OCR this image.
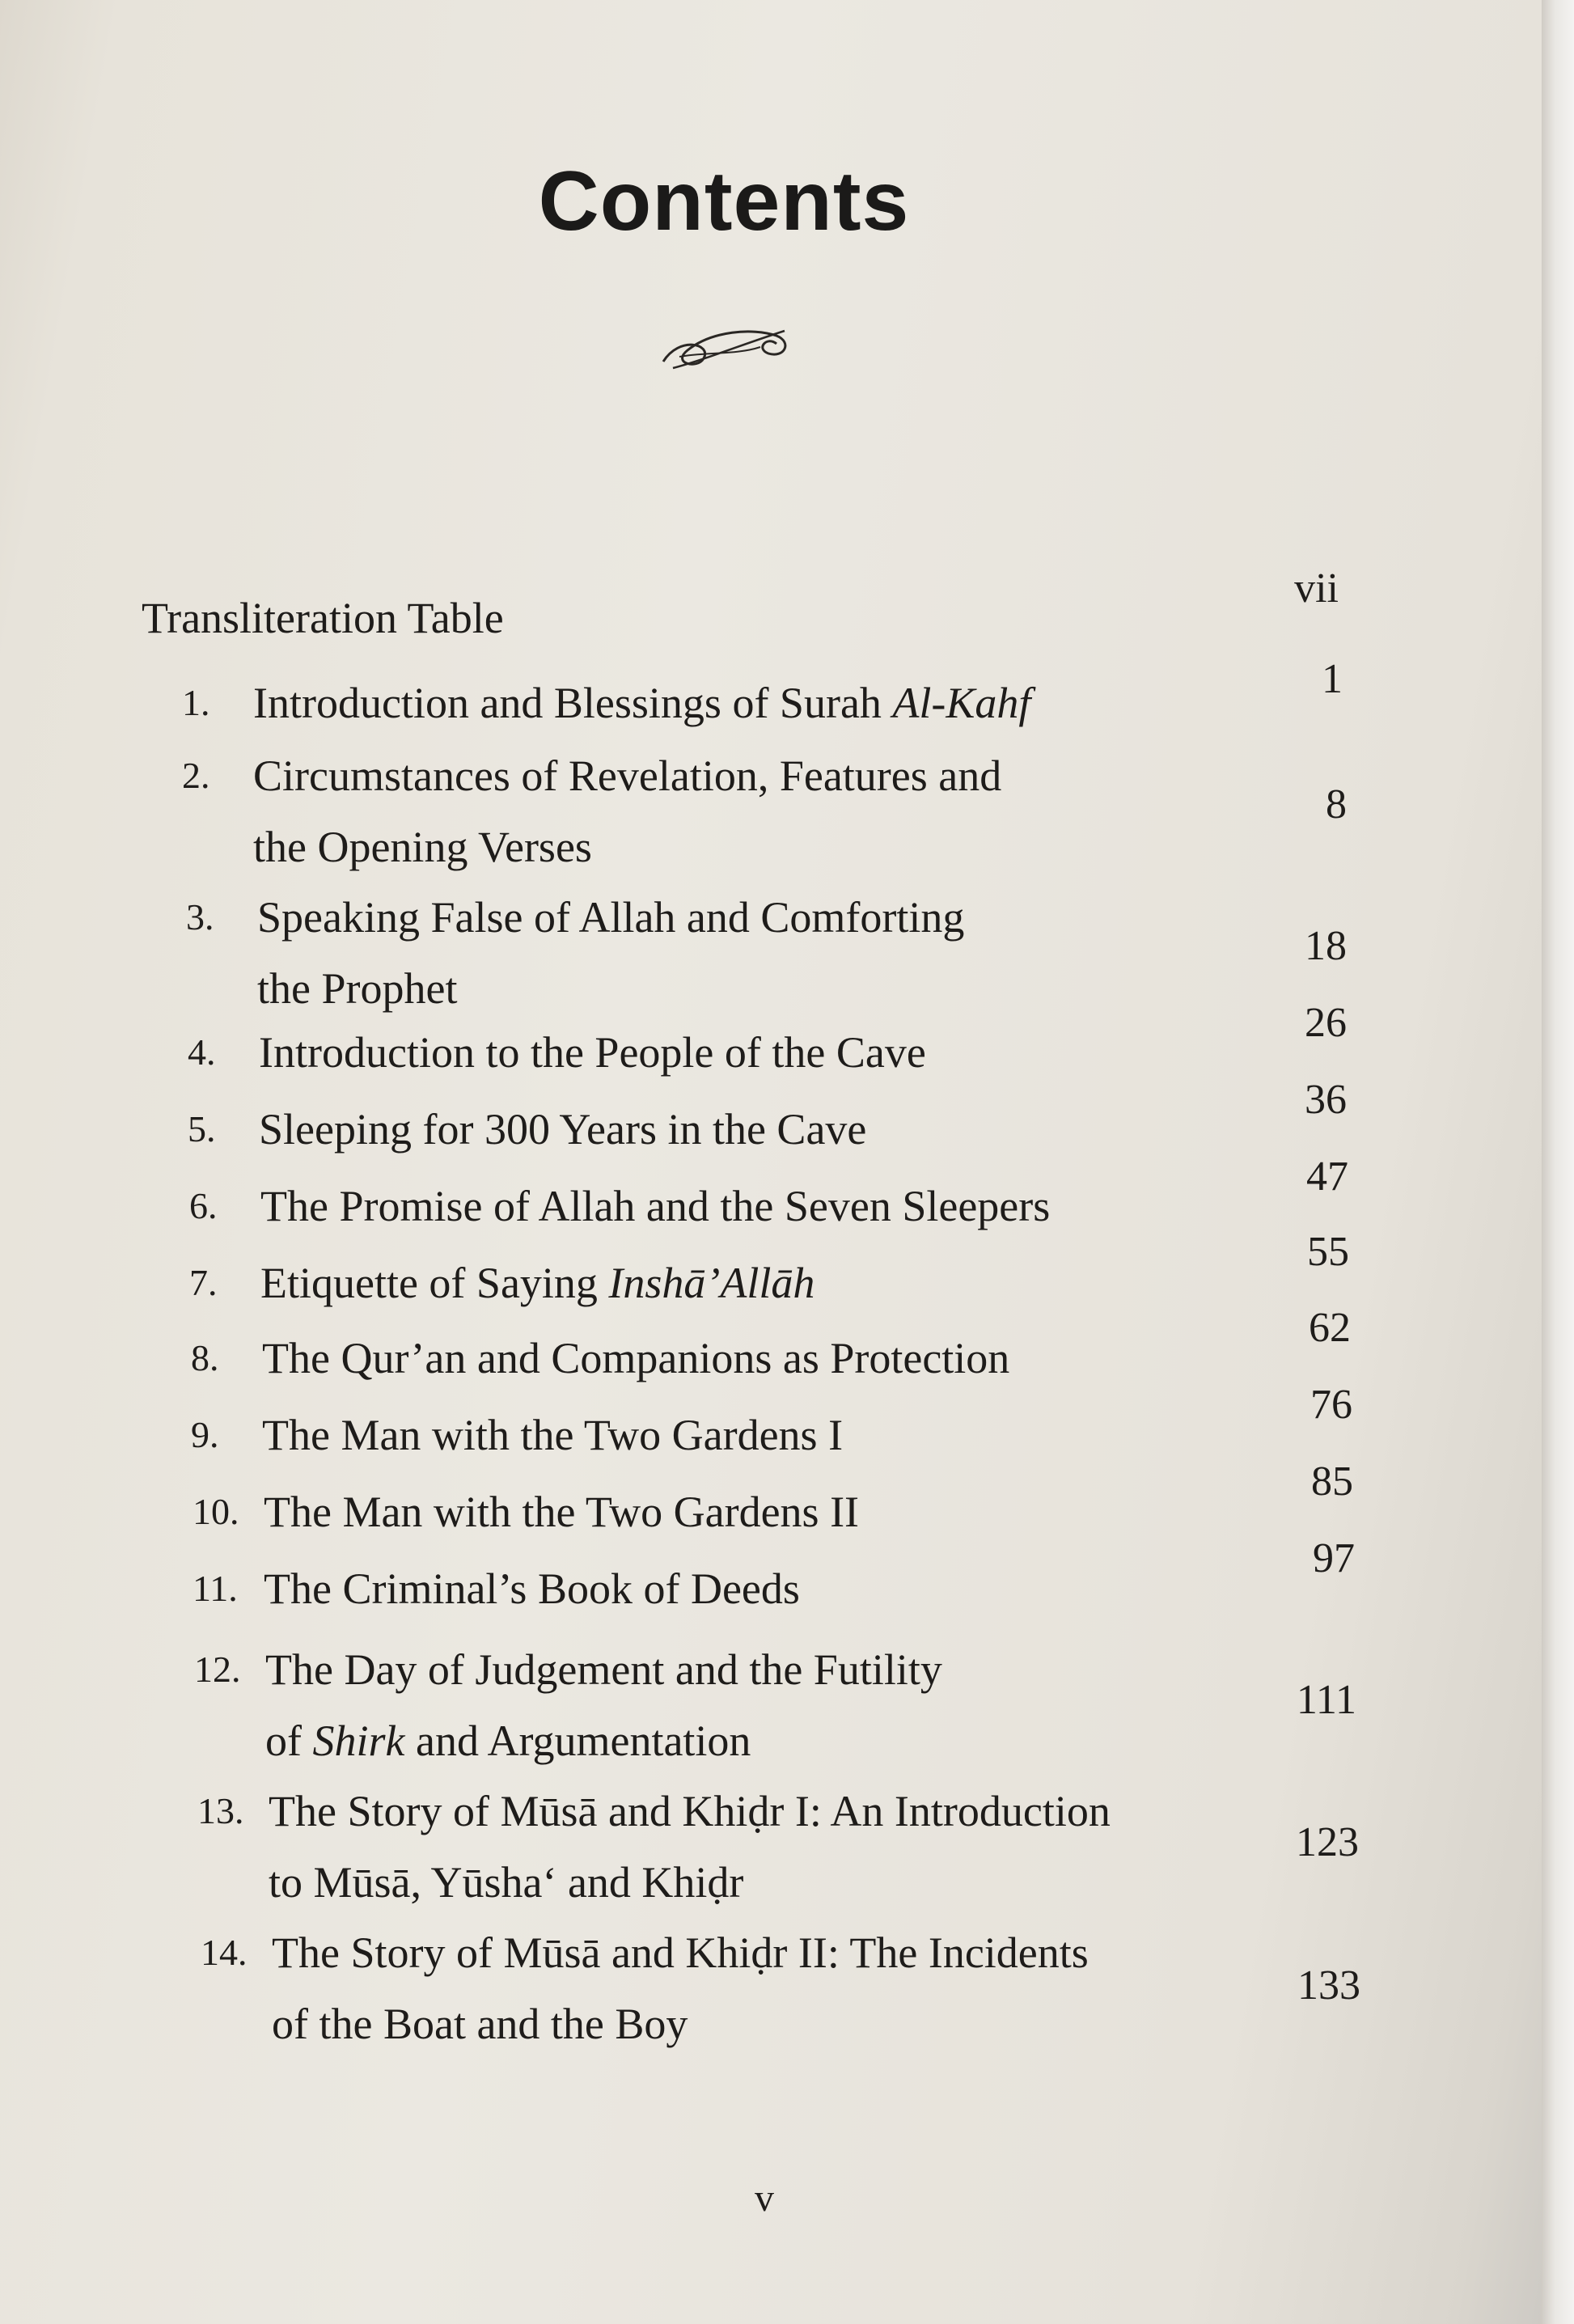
Contents
Transliteration Table
vii
1. Introduction and Blessings of Surah Al-Kahf	1
2. Circumstances of Revelation, Features and
the Opening Verses
8
3. Speaking False of Allah and Comforting
the Prophet
18
4. Introduction to the People of the Cave
26
5. Sleeping for 300 Years in the Cave
36
6. The Promise of Allah and the Seven Sleepers
47
7. Etiquette of Saying Inshā’Allāh
55
8. The Qur’an and Companions as Protection
62
9. The Man with the Two Gardens I
76
10. The Man with the Two Gardens II
85
11. The Criminal’s Book of Deeds
97
12. The Day of Judgement and the Futility
of Shirk and Argumentation
111
13. The Story of Mūsā and Khiḍr I: An Introduction
to Mūsā, Yūsha‘ and Khiḍr
123
14. The Story of Mūsā and Khiḍr II: The Incidents
of the Boat and the Boy
133
v
